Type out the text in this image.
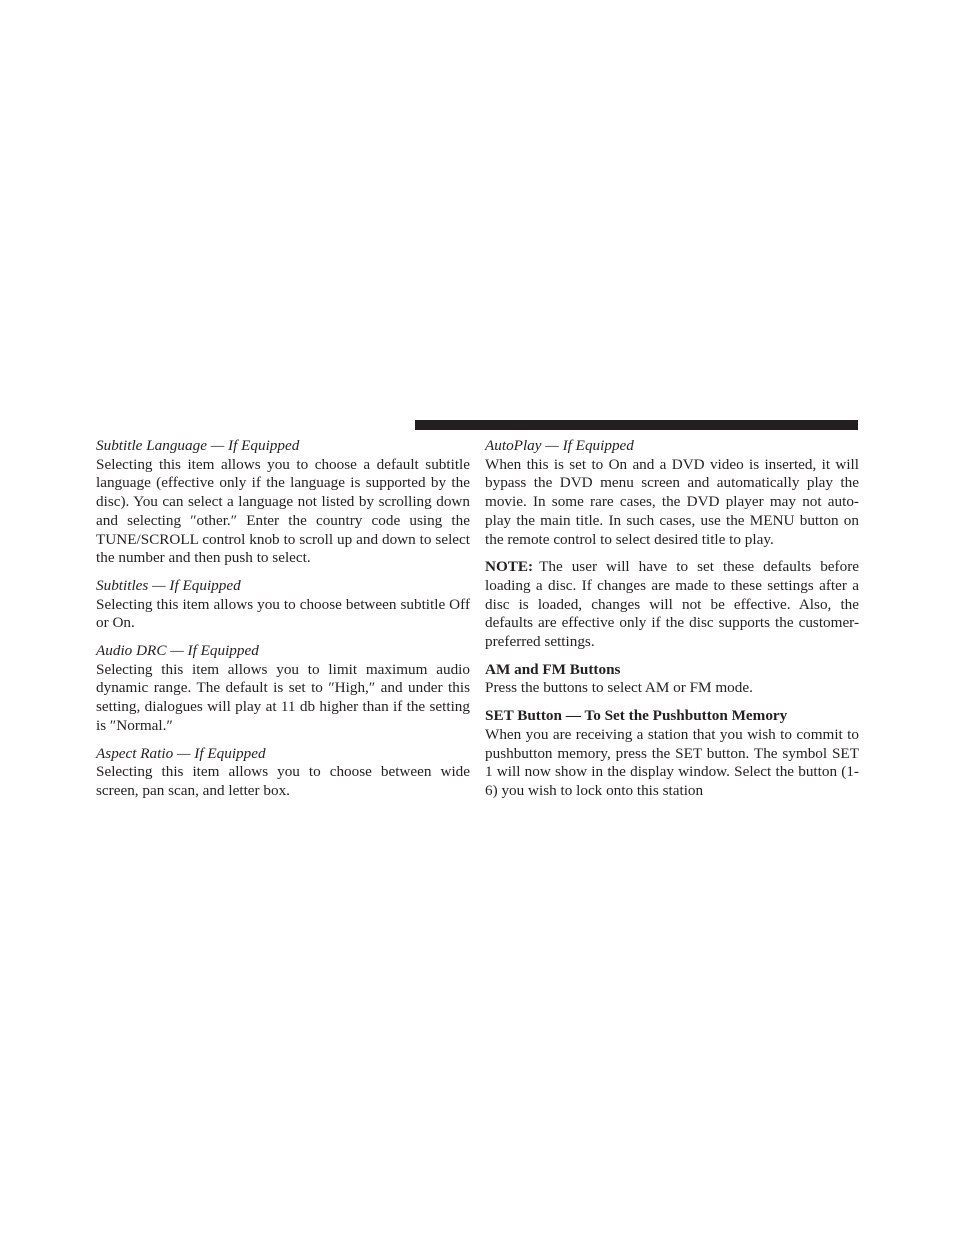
Subtitle Language — If Equipped

Selecting this item allows you to choose a default subtitle language (effective only if the language is supported by the disc). You can select a language not listed by scrolling down and selecting ″other.″ Enter the country code using the TUNE/SCROLL control knob to scroll up and down to select the number and then push to select.

Subtitles — If Equipped

Selecting this item allows you to choose between subtitle Off or On.

Audio DRC — If Equipped

Selecting this item allows you to limit maximum audio dynamic range. The default is set to ″High,″ and under this setting, dialogues will play at 11 db higher than if the setting is ″Normal.″

Aspect Ratio — If Equipped

Selecting this item allows you to choose between wide screen, pan scan, and letter box.

AutoPlay — If Equipped

When this is set to On and a DVD video is inserted, it will bypass the DVD menu screen and automatically play the movie. In some rare cases, the DVD player may not auto-play the main title. In such cases, use the MENU button on the remote control to select desired title to play.

NOTE: The user will have to set these defaults before loading a disc. If changes are made to these settings after a disc is loaded, changes will not be effective. Also, the defaults are effective only if the disc supports the customer-preferred settings.

AM and FM Buttons

Press the buttons to select AM or FM mode.

SET Button — To Set the Pushbutton Memory

When you are receiving a station that you wish to commit to pushbutton memory, press the SET button. The symbol SET 1 will now show in the display window. Select the button (1-6) you wish to lock onto this station
